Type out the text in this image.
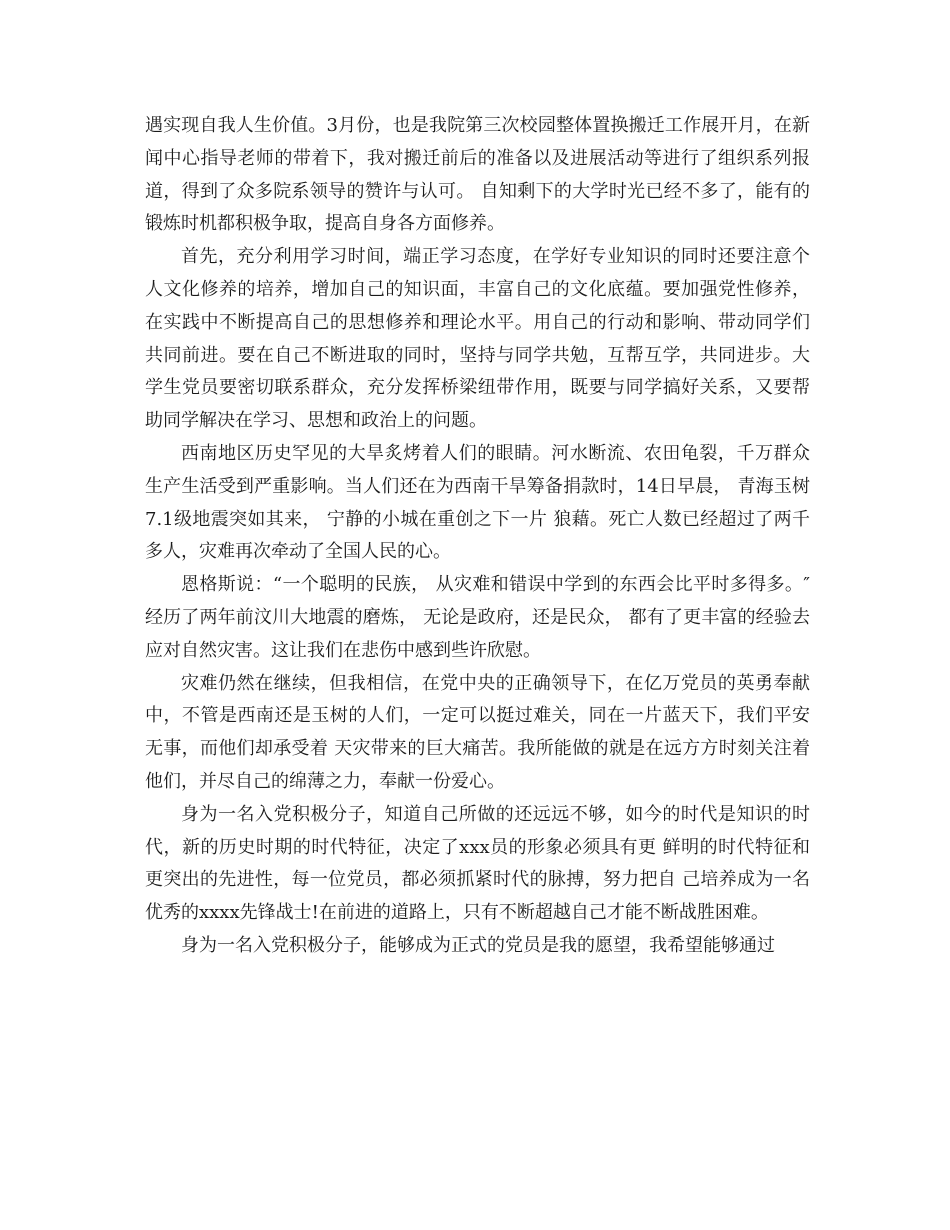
遇实现自我人生价值。3月份，也是我院第三次校园整体置换搬迁工作展开月，在新闻中心指导老师的带着下，我对搬迁前后的准备以及进展活动等进行了组织系列报道，得到了众多院系领导的赞许与认可。 自知剩下的大学时光已经不多了，能有的锻炼时机都积极争取，提高自身各方面修养。

首先，充分利用学习时间，端正学习态度，在学好专业知识的同时还要注意个人文化修养的培养，增加自己的知识面，丰富自己的文化底蕴。要加强党性修养，在实践中不断提高自己的思想修养和理论水平。用自己的行动和影响、带动同学们共同前进。要在自己不断进取的同时，坚持与同学共勉，互帮互学，共同进步。大学生党员要密切联系群众，充分发挥桥梁纽带作用，既要与同学搞好关系，又要帮助同学解决在学习、思想和政治上的问题。

西南地区历史罕见的大旱炙烤着人们的眼睛。河水断流、农田龟裂，千万群众生产生活受到严重影响。当人们还在为西南干旱筹备捐款时，14日早晨， 青海玉树7.1级地震突如其来， 宁静的小城在重创之下一片 狼藉。死亡人数已经超过了两千多人，灾难再次牵动了全国人民的心。

恩格斯说：“一个聪明的民族， 从灾难和错误中学到的东西会比平时多得多。″ 经历了两年前汶川大地震的磨炼， 无论是政府，还是民众， 都有了更丰富的经验去应对自然灾害。这让我们在悲伤中感到些许欣慰。

灾难仍然在继续，但我相信，在党中央的正确领导下，在亿万党员的英勇奉献中，不管是西南还是玉树的人们，一定可以挺过难关，同在一片蓝天下，我们平安无事，而他们却承受着 天灾带来的巨大痛苦。我所能做的就是在远方方时刻关注着他们，并尽自己的绵薄之力，奉献一份爱心。

身为一名入党积极分子，知道自己所做的还远远不够，如今的时代是知识的时代，新的历史时期的时代特征，决定了xxx员的形象必须具有更 鲜明的时代特征和更突出的先进性，每一位党员，都必须抓紧时代的脉搏，努力把自 己培养成为一名优秀的xxxx先锋战士!在前进的道路上，只有不断超越自己才能不断战胜困难。

身为一名入党积极分子，能够成为正式的党员是我的愿望，我希望能够通过
